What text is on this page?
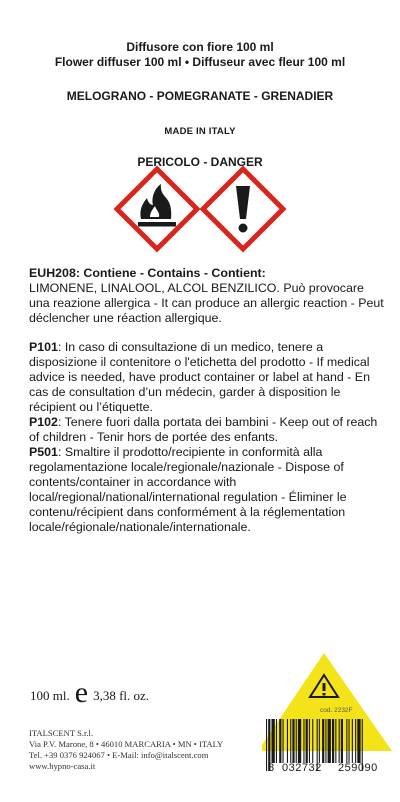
Diffusore con fiore 100 ml
Flower diffuser 100 ml • Diffuseur avec fleur 100 ml
MELOGRANO - POMEGRANATE - GRENADIER
MADE IN ITALY
PERICOLO - DANGER

EUH208: Contiene - Contains - Contient:

LIMONENE, LINALOOL, ALCOL BENZILICO. Può provocare una reazione allergica - It can produce an allergic reaction - Peut déclencher une réaction allergique.

P101: In caso di consultazione di un medico, tenere a disposizione il contenitore o l'etichetta del prodotto - If medical advice is needed, have product container or label at hand - En cas de consultation d’un médecin, garder à disposition le récipient ou l’étiquette.

P102: Tenere fuori dalla portata dei bambini - Keep out of reach of children - Tenir hors de portée des enfants.

P501: Smaltire il prodotto/recipiente in conformità alla regolamentazione locale/regionale/nazionale - Dispose of contents/container in accordance with local/regional/national/international regulation - Éliminer le contenu/récipient dans conformément à la réglementation locale/régionale/nationale/internationale.

100 ml. e 3,38 fl. oz.
ITALSCENT S.r.l.
Via P.V. Marone, 8 • 46010 MARCARIA • MN • ITALY
Tel. +39 0376 924067 • E-Mail: info@italscent.com
www.hypno-casa.it
cod. 2232F
8 032732	259090
